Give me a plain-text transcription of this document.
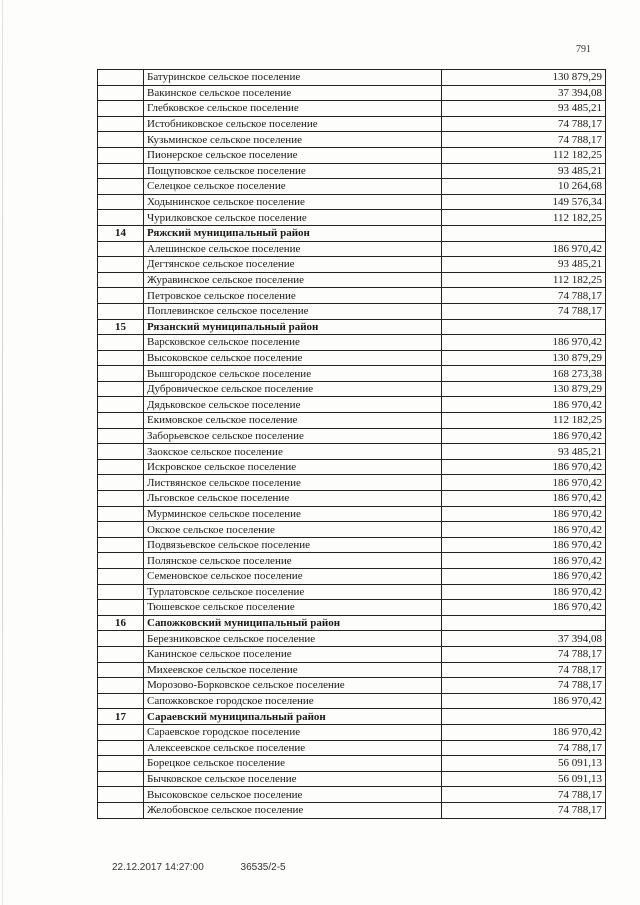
791
	Батуринское сельское поселение	130 879,29
	Вакинское сельское поселение	37 394,08
	Глебковское сельское поселение	93 485,21
	Истобниковское сельское поселение	74 788,17
	Кузьминское сельское поселение	74 788,17
	Пионерское сельское поселение	112 182,25
	Пощуповское сельское поселение	93 485,21
	Селецкое сельское поселение	10 264,68
	Ходынинское сельское поселение	149 576,34
	Чурилковское сельское поселение	112 182,25
14	Ряжский муниципальный район	
	Алешинское сельское поселение	186 970,42
	Дегтянское сельское поселение	93 485,21
	Журавинское сельское поселение	112 182,25
	Петровское сельское поселение	74 788,17
	Поплевинское сельское поселение	74 788,17
15	Рязанский муниципальный район	
	Варсковское сельское поселение	186 970,42
	Высоковское сельское поселение	130 879,29
	Вышгородское сельское поселение	168 273,38
	Дубровическое сельское поселение	130 879,29
	Дядьковское сельское поселение	186 970,42
	Екимовское сельское поселение	112 182,25
	Заборьевское сельское поселение	186 970,42
	Заокское сельское поселение	93 485,21
	Искровское сельское поселение	186 970,42
	Листвянское сельское поселение	186 970,42
	Льговское сельское поселение	186 970,42
	Мурминское сельское поселение	186 970,42
	Окское сельское поселение	186 970,42
	Подвязьевское сельское поселение	186 970,42
	Полянское сельское поселение	186 970,42
	Семеновское сельское поселение	186 970,42
	Турлатовское сельское поселение	186 970,42
	Тюшевское сельское поселение	186 970,42
16	Сапожковский муниципальный район	
	Березниковское сельское поселение	37 394,08
	Канинское сельское поселение	74 788,17
	Михеевское сельское поселение	74 788,17
	Морозово-Борковское сельское поселение	74 788,17
	Сапожковское городское поселение	186 970,42
17	Сараевский муниципальный район	
	Сараевское городское поселение	186 970,42
	Алексеевское сельское поселение	74 788,17
	Борецкое сельское поселение	56 091,13
	Бычковское сельское поселение	56 091,13
	Высоковское сельское поселение	74 788,17
	Желобовское сельское поселение	74 788,17
22.12.2017 14:27:00	36535/2-5
